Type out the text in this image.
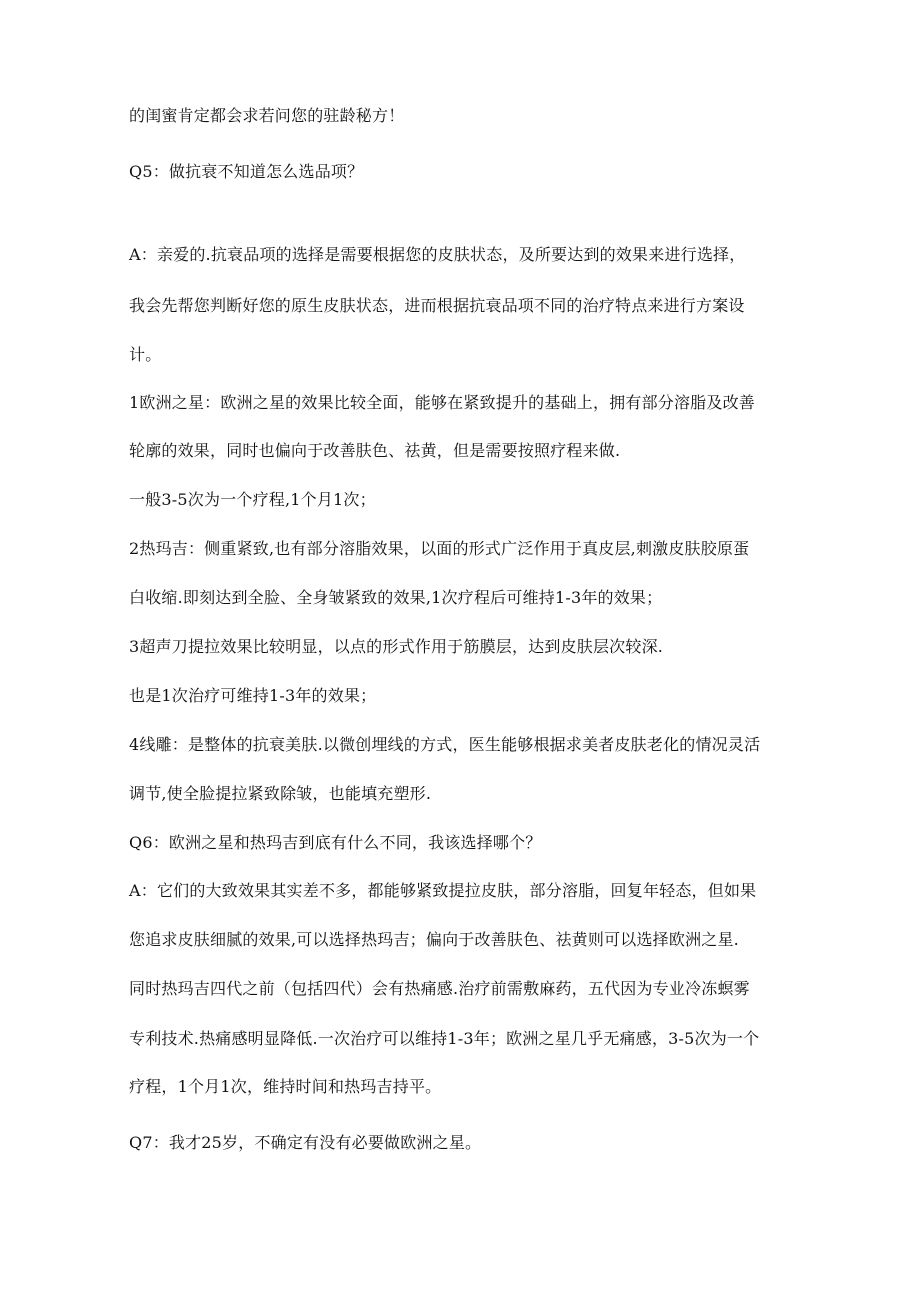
的闺蜜肯定都会求若问您的驻龄秘方！
Q5：做抗衰不知道怎么选品项？
A：亲爱的.抗衰品项的选择是需要根据您的皮肤状态，及所要达到的效果来进行选择，
我会先帮您判断好您的原生皮肤状态，进而根据抗衰品项不同的治疗特点来进行方案设
计。
1欧洲之星：欧洲之星的效果比较全面，能够在紧致提升的基础上，拥有部分溶脂及改善
轮廓的效果，同时也偏向于改善肤色、祛黄，但是需要按照疗程来做.
一般3-5次为一个疗程,1个月1次；
2热玛吉：侧重紧致,也有部分溶脂效果，以面的形式广泛作用于真皮层,刺激皮肤胶原蛋
白收缩.即刻达到全脸、全身皱紧致的效果,1次疗程后可维持1-3年的效果；
3超声刀提拉效果比较明显，以点的形式作用于筋膜层，达到皮肤层次较深.
也是1次治疗可维持1-3年的效果；
4线雕：是整体的抗衰美肤.以微创埋线的方式，医生能够根据求美者皮肤老化的情况灵活
调节,使全脸提拉紧致除皱，也能填充塑形.
Q6：欧洲之星和热玛吉到底有什么不同，我该选择哪个？
A：它们的大致效果其实差不多，都能够紧致提拉皮肤，部分溶脂，回复年轻态，但如果
您追求皮肤细腻的效果,可以选择热玛吉；偏向于改善肤色、祛黄则可以选择欧洲之星.
同时热玛吉四代之前（包括四代）会有热痛感.治疗前需敷麻药，五代因为专业冷冻螟雾
专利技术.热痛感明显降低.一次治疗可以维持1-3年；欧洲之星几乎无痛感，3-5次为一个
疗程，1个月1次，维持时间和热玛吉持平。
Q7：我才25岁，不确定有没有必要做欧洲之星。
